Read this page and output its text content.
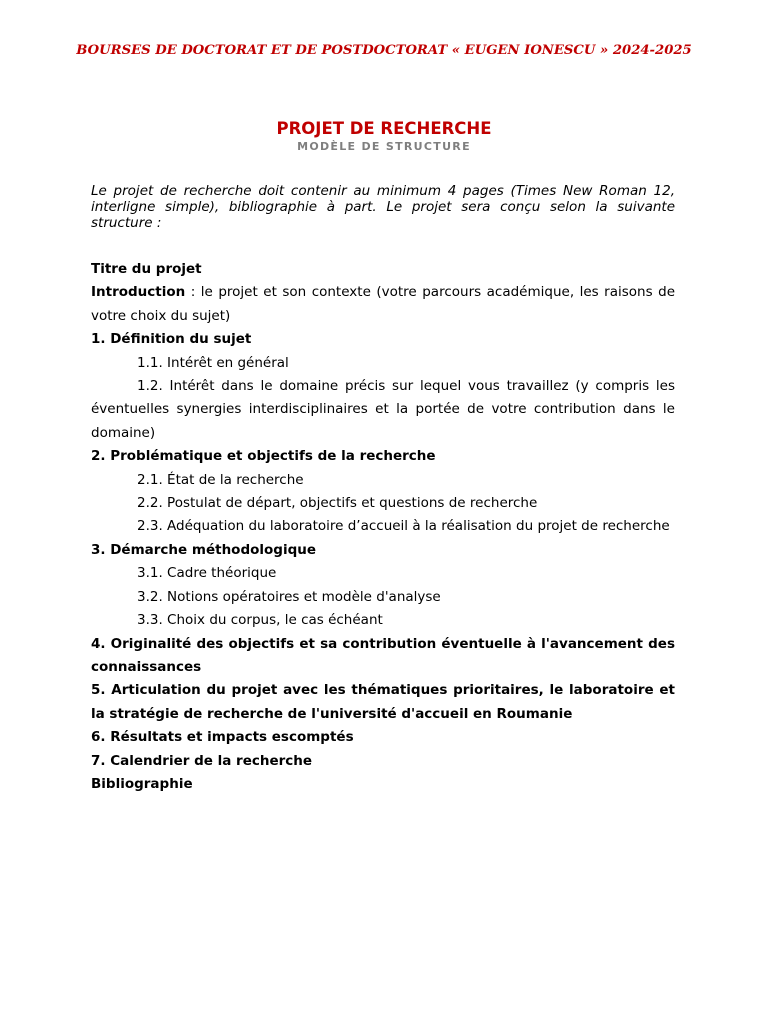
BOURSES DE DOCTORAT ET DE POSTDOCTORAT « EUGEN IONESCU » 2024-2025
PROJET DE RECHERCHE
MODÈLE DE STRUCTURE
Le projet de recherche doit contenir au minimum 4 pages (Times New Roman 12, interligne simple), bibliographie à part. Le projet sera conçu selon la suivante structure :

Titre du projet

Introduction : le projet et son contexte (votre parcours académique, les raisons de votre choix du sujet)

1. Définition du sujet

1.1. Intérêt en général

1.2. Intérêt dans le domaine précis sur lequel vous travaillez (y compris les éventuelles synergies interdisciplinaires et la portée de votre contribution dans le domaine)

2. Problématique et objectifs de la recherche

2.1. État de la recherche

2.2. Postulat de départ, objectifs et questions de recherche

2.3. Adéquation du laboratoire d’accueil à la réalisation du projet de recherche

3. Démarche méthodologique

3.1. Cadre théorique

3.2. Notions opératoires et modèle d'analyse

3.3. Choix du corpus, le cas échéant

4. Originalité des objectifs et sa contribution éventuelle à l'avancement des connaissances

5. Articulation du projet avec les thématiques prioritaires, le laboratoire et la stratégie de recherche de l'université d'accueil en Roumanie

6. Résultats et impacts escomptés

7. Calendrier de la recherche

Bibliographie
